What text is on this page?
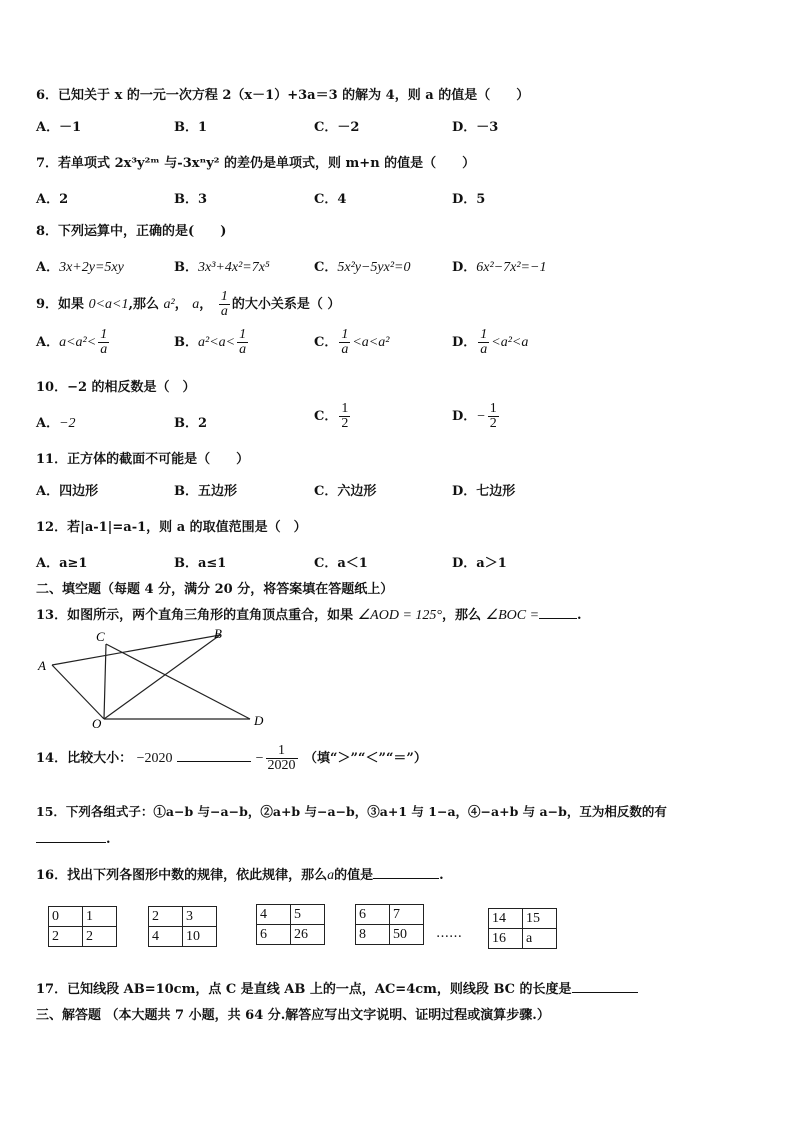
6．已知关于 x 的一元一次方程 2（x－1）+3a＝3 的解为 4，则 a 的值是（　　）
A．－1	B．1	C．－2	D．－3
7．若单项式 2x³y²ᵐ 与-3xⁿy² 的差仍是单项式，则 m+n 的值是（　　）
A．2	B．3	C．4	D．5
8．下列运算中，正确的是(　　)
A．3x+2y=5xy	B．3x³+4x²=7x⁵	C．5x²y−5yx²=0	D．6x²−7x²=−1
9．如果 0<a<1,那么 a²， a， $\frac{1}{a}$ 的大小关系是（ ）
A．$a<a^2< \frac{1}{a}$	B．$a^2<a< \frac{1}{a}$	C． $\frac{1}{a} <a<a^2$	D． $\frac{1}{a} <a^2<a$
10．−2 的相反数是（　）
A．−2	B．2	C． $\frac{1}{2}$	D．− $\frac{1}{2}$
11．正方体的截面不可能是（　　）
A．四边形	B．五边形	C．六边形	D．七边形
12．若|a-1|=a-1，则 a 的取值范围是（　）
A．a≥1	B．a≤1	C．a＜1	D．a＞1
二、填空题（每题 4 分，满分 20 分，将答案填在答题纸上）
13．如图所示，两个直角三角形的直角顶点重合，如果 ∠AOD = 125°，那么 ∠BOC =	.
A
B
C
O	D
14．比较大小： −2020	− $\frac{1}{2020}$ （填“＞”“＜”“＝”）
15．下列各组式子：①a−b 与−a−b，②a+b 与−a−b，③a+1 与 1−a，④−a+b 与 a−b，互为相反数的有
.
16．找出下列各图形中数的规律，依此规律，那么a的值是	.
0	1
2	2
2	3
4	10
4	5
6	26
6	7
8	50 ……
14	15
16	a
17．已知线段 AB=10cm，点 C 是直线 AB 上的一点，AC=4cm，则线段 BC 的长度是
三、解答题 （本大题共 7 小题，共 64 分.解答应写出文字说明、证明过程或演算步骤.）
